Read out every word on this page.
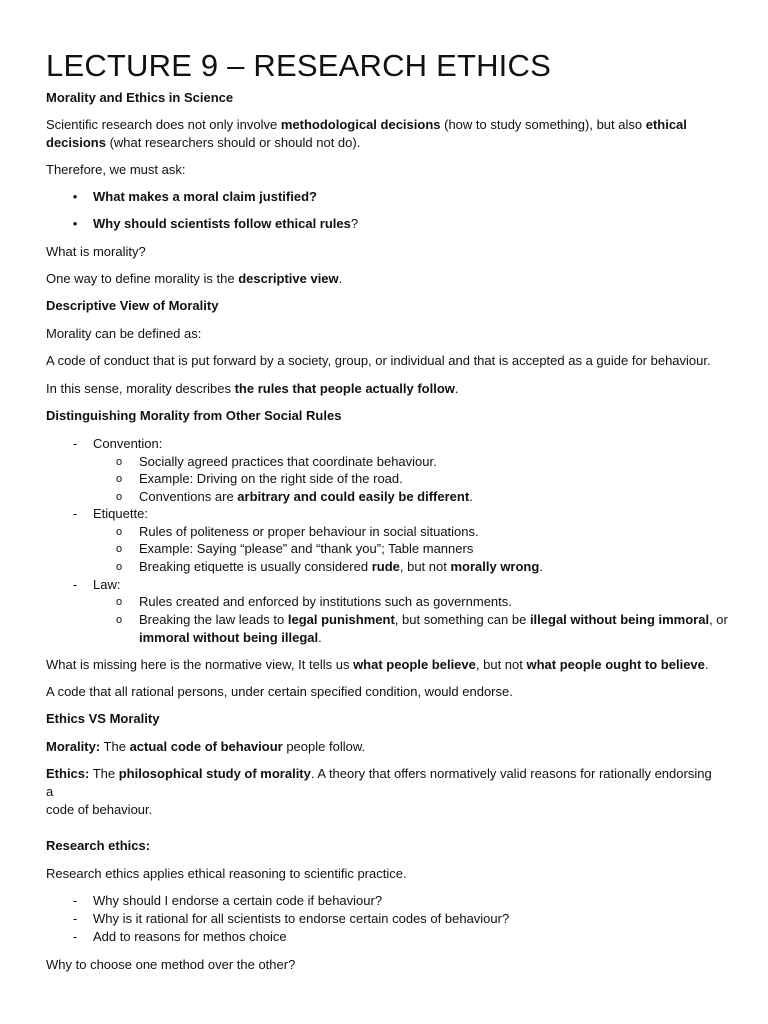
LECTURE 9 – RESEARCH ETHICS
Morality and Ethics in Science
Scientific research does not only involve methodological decisions (how to study something), but also ethical
decisions (what researchers should or should not do).
Therefore, we must ask:
• What makes a moral claim justified?
• Why should scientists follow ethical rules?
What is morality?
One way to define morality is the descriptive view.
Descriptive View of Morality
Morality can be defined as:
A code of conduct that is put forward by a society, group, or individual and that is accepted as a guide for behaviour.
In this sense, morality describes the rules that people actually follow.
Distinguishing Morality from Other Social Rules
- Convention:
o Socially agreed practices that coordinate behaviour.
o Example: Driving on the right side of the road.
o Conventions are arbitrary and could easily be different.
- Etiquette:
o Rules of politeness or proper behaviour in social situations.
o Example: Saying “please” and “thank you”; Table manners
o Breaking etiquette is usually considered rude, but not morally wrong.
- Law:
o Rules created and enforced by institutions such as governments.
o Breaking the law leads to legal punishment, but something can be illegal without being immoral, or
immoral without being illegal.
What is missing here is the normative view, It tells us what people believe, but not what people ought to believe.
A code that all rational persons, under certain specified condition, would endorse.
Ethics VS Morality
Morality: The actual code of behaviour people follow.
Ethics: The philosophical study of morality. A theory that offers normatively valid reasons for rationally endorsing a
code of behaviour.
Research ethics:
Research ethics applies ethical reasoning to scientific practice.
- Why should I endorse a certain code if behaviour?
- Why is it rational for all scientists to endorse certain codes of behaviour?
- Add to reasons for methos choice
Why to choose one method over the other?
